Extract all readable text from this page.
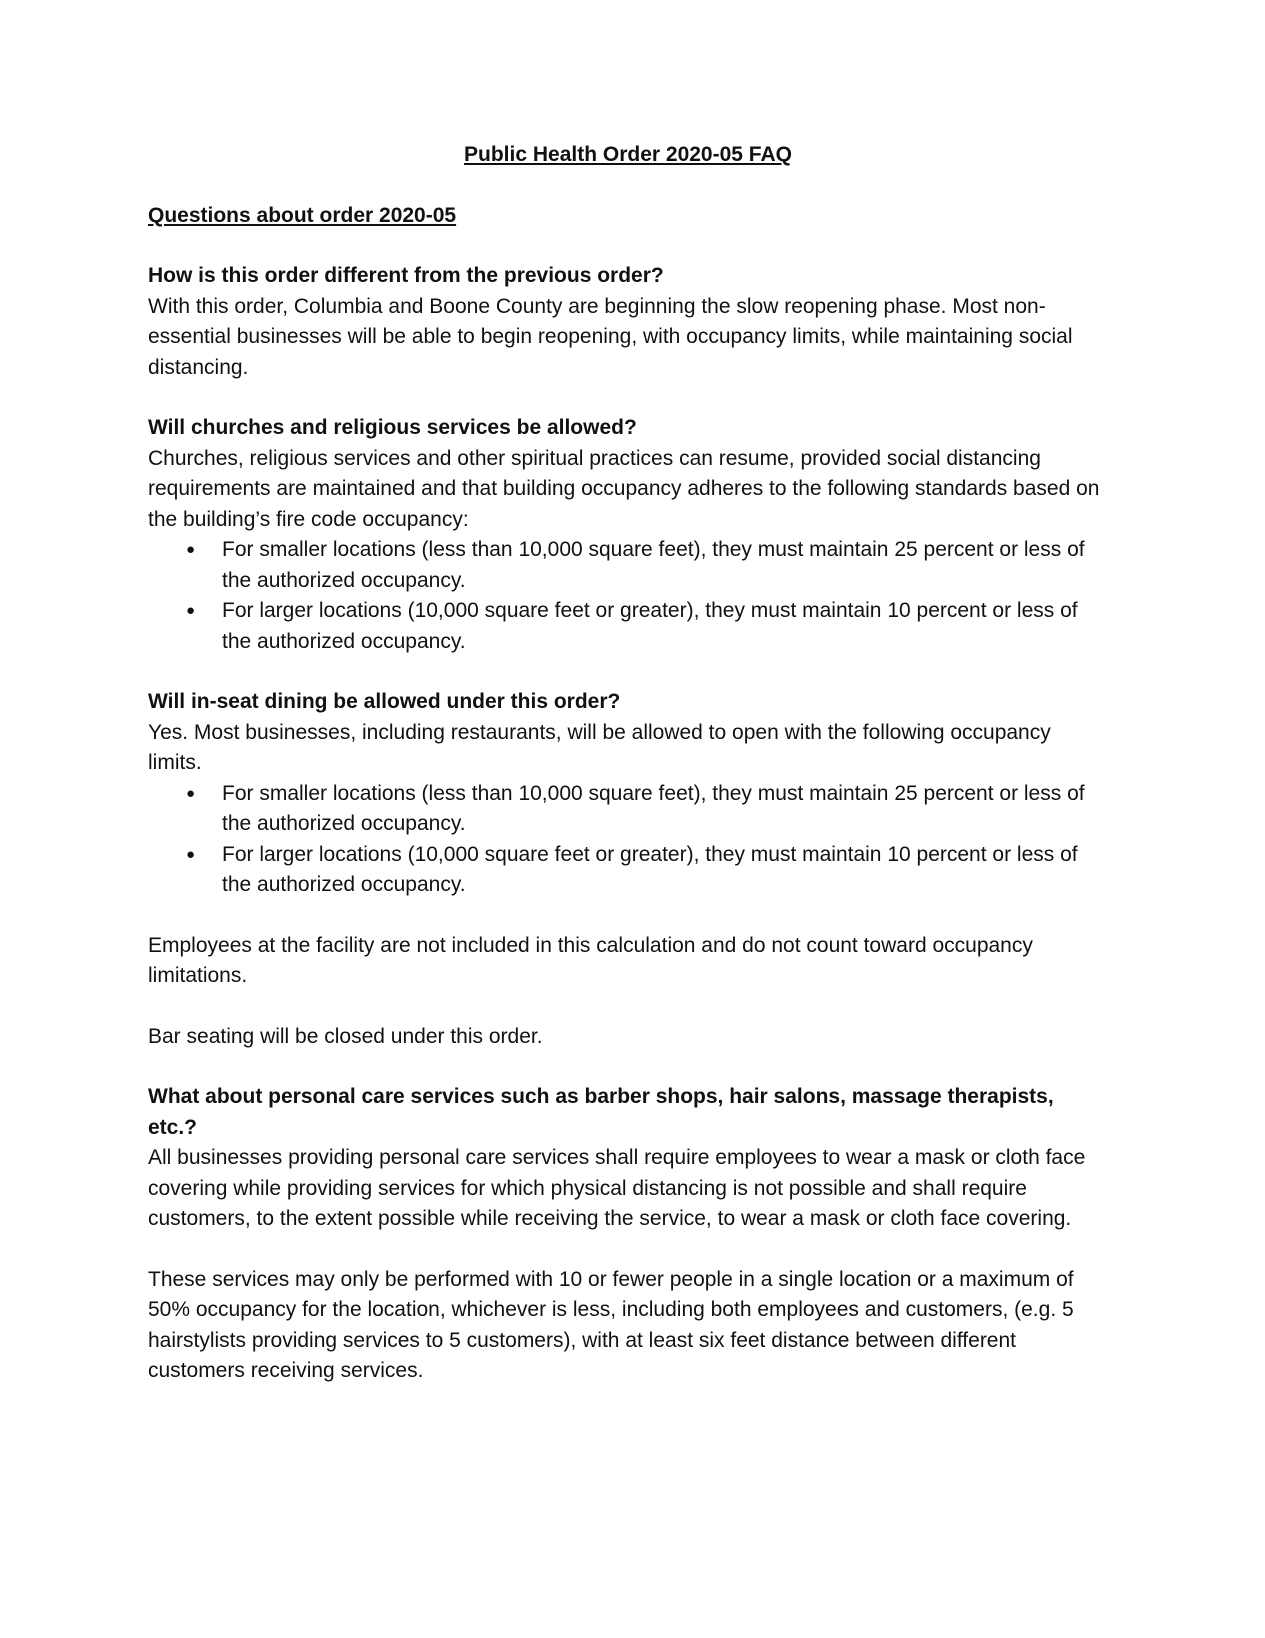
Public Health Order 2020-05 FAQ

Questions about order 2020-05

How is this order different from the previous order?

With this order, Columbia and Boone County are beginning the slow reopening phase. Most non-essential businesses will be able to begin reopening, with occupancy limits, while maintaining social distancing.

Will churches and religious services be allowed?

Churches, religious services and other spiritual practices can resume, provided social distancing requirements are maintained and that building occupancy adheres to the following standards based on the building’s fire code occupancy:

● For smaller locations (less than 10,000 square feet), they must maintain 25 percent or less of the authorized occupancy.
● For larger locations (10,000 square feet or greater), they must maintain 10 percent or less of the authorized occupancy.

Will in-seat dining be allowed under this order?

Yes. Most businesses, including restaurants, will be allowed to open with the following occupancy limits.

● For smaller locations (less than 10,000 square feet), they must maintain 25 percent or less of the authorized occupancy.
● For larger locations (10,000 square feet or greater), they must maintain 10 percent or less of the authorized occupancy.

Employees at the facility are not included in this calculation and do not count toward occupancy limitations.

Bar seating will be closed under this order.

What about personal care services such as barber shops, hair salons, massage therapists, etc.?

All businesses providing personal care services shall require employees to wear a mask or cloth face covering while providing services for which physical distancing is not possible and shall require customers, to the extent possible while receiving the service, to wear a mask or cloth face covering.

These services may only be performed with 10 or fewer people in a single location or a maximum of 50% occupancy for the location, whichever is less, including both employees and customers, (e.g. 5 hairstylists providing services to 5 customers), with at least six feet distance between different customers receiving services.
